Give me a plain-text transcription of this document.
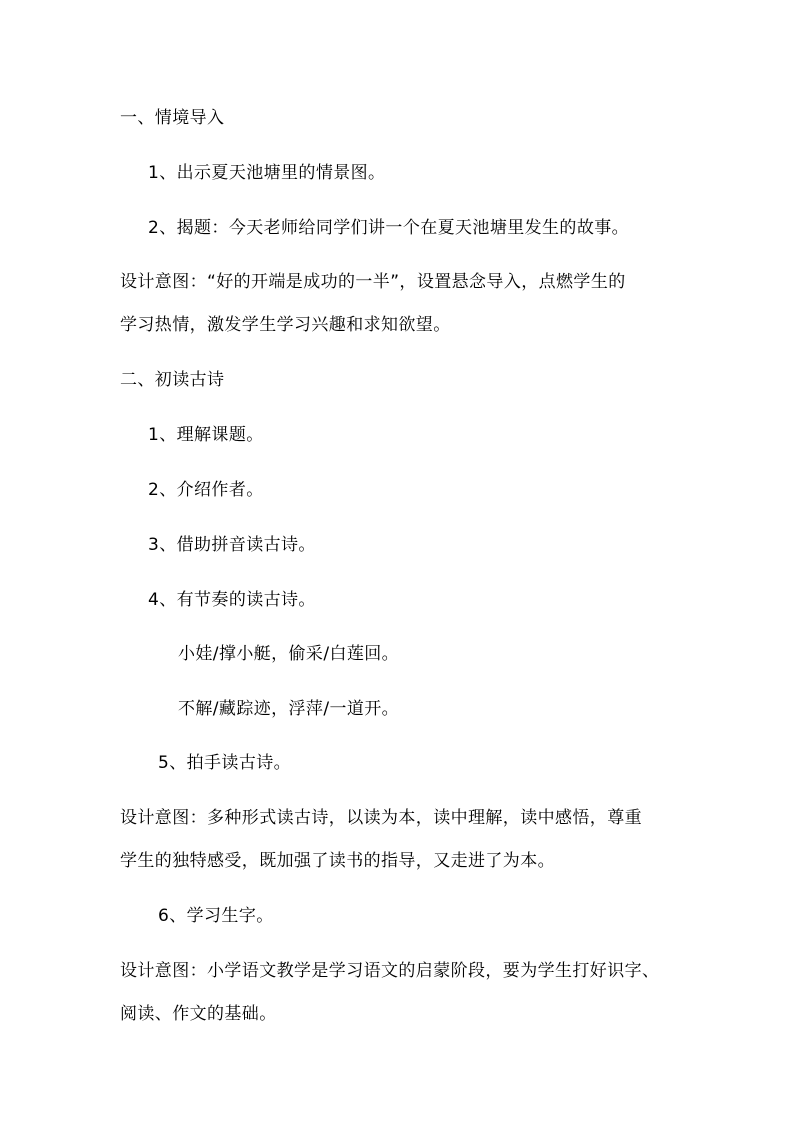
一、情境导入
1、出示夏天池塘里的情景图。
2、揭题：今天老师给同学们讲一个在夏天池塘里发生的故事。
设计意图：“好的开端是成功的一半”，设置悬念导入，点燃学生的
学习热情，激发学生学习兴趣和求知欲望。
二、初读古诗
1、理解课题。
2、介绍作者。
3、借助拼音读古诗。
4、有节奏的读古诗。
小娃/撑小艇，偷采/白莲回。
不解/藏踪迹，浮萍/一道开。
5、拍手读古诗。
设计意图：多种形式读古诗，以读为本，读中理解，读中感悟，尊重
学生的独特感受，既加强了读书的指导，又走进了为本。
6、学习生字。
设计意图：小学语文教学是学习语文的启蒙阶段，要为学生打好识字、
阅读、作文的基础。
